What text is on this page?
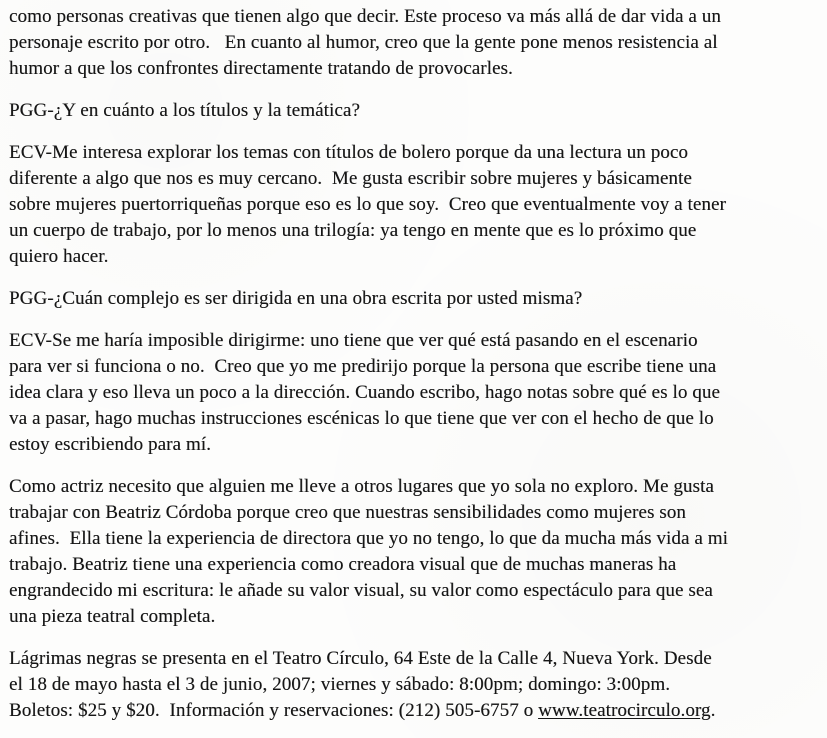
como personas creativas que tienen algo que decir. Este proceso va más allá de dar vida a un
personaje escrito por otro.   En cuanto al humor, creo que la gente pone menos resistencia al
humor a que los confrontes directamente tratando de provocarles.

PGG-¿Y en cuánto a los títulos y la temática?

ECV-Me interesa explorar los temas con títulos de bolero porque da una lectura un poco
diferente a algo que nos es muy cercano.  Me gusta escribir sobre mujeres y básicamente
sobre mujeres puertorriqueñas porque eso es lo que soy.  Creo que eventualmente voy a tener
un cuerpo de trabajo, por lo menos una trilogía: ya tengo en mente que es lo próximo que
quiero hacer.

PGG-¿Cuán complejo es ser dirigida en una obra escrita por usted misma?

ECV-Se me haría imposible dirigirme: uno tiene que ver qué está pasando en el escenario
para ver si funciona o no.  Creo que yo me predirijo porque la persona que escribe tiene una
idea clara y eso lleva un poco a la dirección. Cuando escribo, hago notas sobre qué es lo que
va a pasar, hago muchas instrucciones escénicas lo que tiene que ver con el hecho de que lo
estoy escribiendo para mí.

Como actriz necesito que alguien me lleve a otros lugares que yo sola no exploro. Me gusta
trabajar con Beatriz Córdoba porque creo que nuestras sensibilidades como mujeres son
afines.  Ella tiene la experiencia de directora que yo no tengo, lo que da mucha más vida a mi
trabajo. Beatriz tiene una experiencia como creadora visual que de muchas maneras ha
engrandecido mi escritura: le añade su valor visual, su valor como espectáculo para que sea
una pieza teatral completa.

Lágrimas negras se presenta en el Teatro Círculo, 64 Este de la Calle 4, Nueva York. Desde
el 18 de mayo hasta el 3 de junio, 2007; viernes y sábado: 8:00pm; domingo: 3:00pm.
Boletos: $25 y $20.  Información y reservaciones: (212) 505-6757 o www.teatrocirculo.org.
